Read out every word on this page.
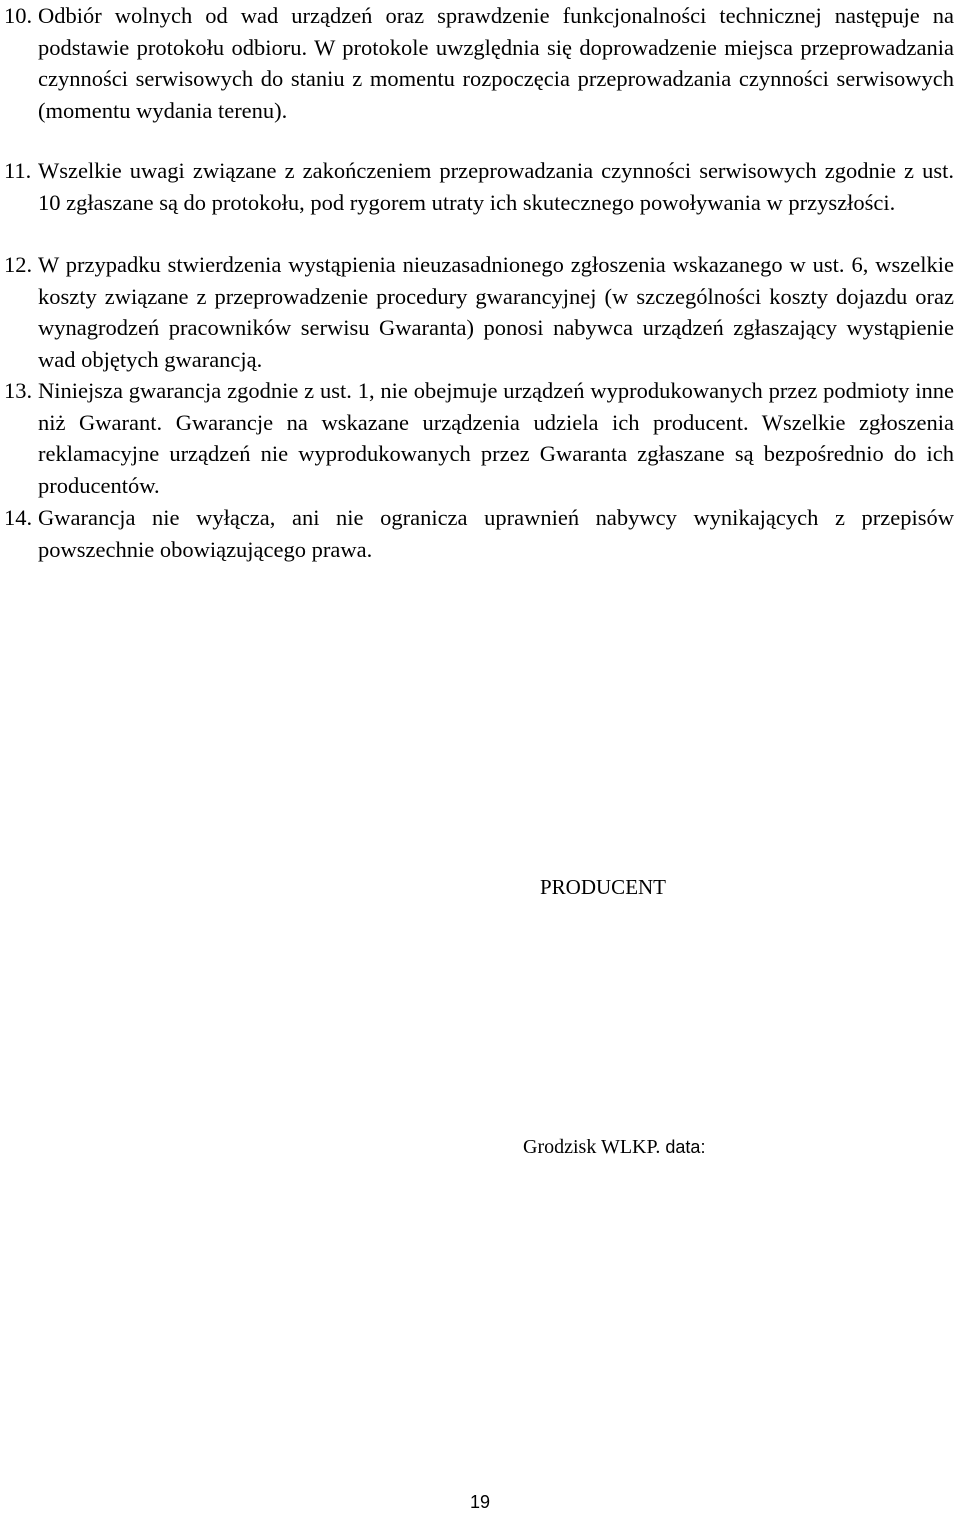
10. Odbiór wolnych od wad urządzeń oraz sprawdzenie funkcjonalności technicznej następuje na podstawie protokołu odbioru. W protokole uwzględnia się doprowadzenie miejsca przeprowadzania czynności serwisowych do staniu z momentu rozpoczęcia przeprowadzania czynności serwisowych (momentu wydania terenu).
11. Wszelkie uwagi związane z zakończeniem przeprowadzania czynności serwisowych zgodnie z ust. 10 zgłaszane są do protokołu, pod rygorem utraty ich skutecznego powoływania w przyszłości.
12. W przypadku stwierdzenia wystąpienia nieuzasadnionego zgłoszenia wskazanego w ust. 6, wszelkie koszty związane z przeprowadzenie procedury gwarancyjnej (w szczególności koszty dojazdu oraz wynagrodzeń pracowników serwisu Gwaranta) ponosi nabywca urządzeń zgłaszający wystąpienie wad objętych gwarancją.
13. Niniejsza gwarancja zgodnie z ust. 1, nie obejmuje urządzeń wyprodukowanych przez podmioty inne niż Gwarant. Gwarancje na wskazane urządzenia udziela ich producent. Wszelkie zgłoszenia reklamacyjne urządzeń nie wyprodukowanych przez Gwaranta zgłaszane są bezpośrednio do ich producentów.
14. Gwarancja nie wyłącza, ani nie ogranicza uprawnień nabywcy wynikających z przepisów powszechnie obowiązującego prawa.
PRODUCENT
Grodzisk WLKP. data:
19
